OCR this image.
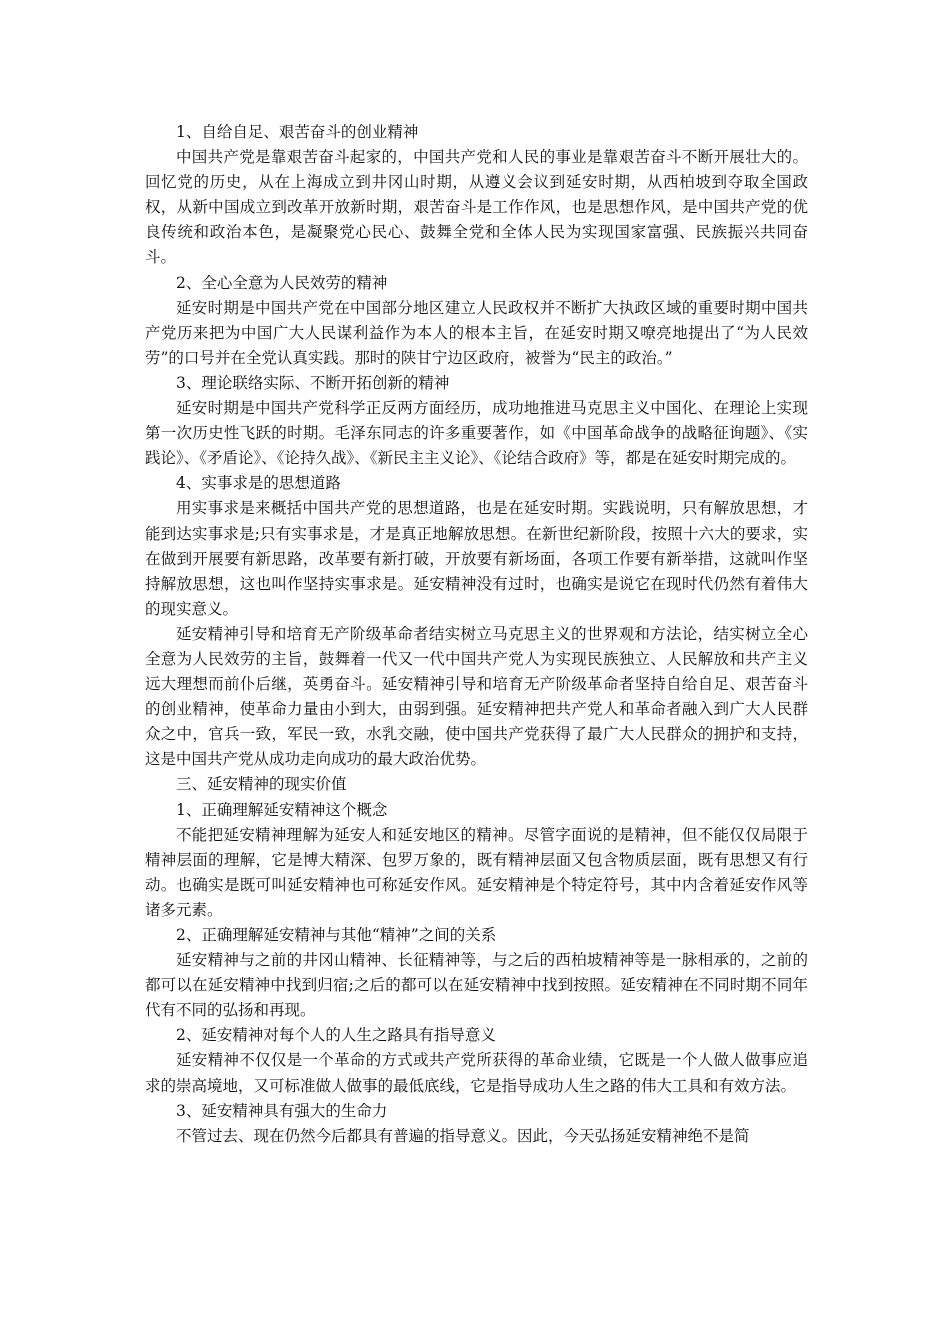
1、自给自足、艰苦奋斗的创业精神

中国共产党是靠艰苦奋斗起家的，中国共产党和人民的事业是靠艰苦奋斗不断开展壮大的。回忆党的历史，从在上海成立到井冈山时期，从遵义会议到延安时期，从西柏坡到夺取全国政权，从新中国成立到改革开放新时期，艰苦奋斗是工作作风，也是思想作风，是中国共产党的优良传统和政治本色，是凝聚党心民心、鼓舞全党和全体人民为实现国家富强、民族振兴共同奋斗。

2、全心全意为人民效劳的精神

延安时期是中国共产党在中国部分地区建立人民政权并不断扩大执政区域的重要时期中国共产党历来把为中国广大人民谋利益作为本人的根本主旨，在延安时期又嘹亮地提出了“为人民效劳”的口号并在全党认真实践。那时的陕甘宁边区政府，被誉为“民主的政治。”

3、理论联络实际、不断开拓创新的精神

延安时期是中国共产党科学正反两方面经历，成功地推进马克思主义中国化、在理论上实现第一次历史性飞跃的时期。毛泽东同志的许多重要著作，如《中国革命战争的战略征询题》、《实践论》、《矛盾论》、《论持久战》、《新民主主义论》、《论结合政府》等，都是在延安时期完成的。

4、实事求是的思想道路

用实事求是来概括中国共产党的思想道路，也是在延安时期。实践说明，只有解放思想，才能到达实事求是;只有实事求是，才是真正地解放思想。在新世纪新阶段，按照十六大的要求，实在做到开展要有新思路，改革要有新打破，开放要有新场面，各项工作要有新举措，这就叫作坚持解放思想，这也叫作坚持实事求是。延安精神没有过时，也确实是说它在现时代仍然有着伟大的现实意义。

延安精神引导和培育无产阶级革命者结实树立马克思主义的世界观和方法论，结实树立全心全意为人民效劳的主旨，鼓舞着一代又一代中国共产党人为实现民族独立、人民解放和共产主义远大理想而前仆后继，英勇奋斗。延安精神引导和培育无产阶级革命者坚持自给自足、艰苦奋斗的创业精神，使革命力量由小到大，由弱到强。延安精神把共产党人和革命者融入到广大人民群众之中，官兵一致，军民一致，水乳交融，使中国共产党获得了最广大人民群众的拥护和支持，这是中国共产党从成功走向成功的最大政治优势。

三、延安精神的现实价值

1、正确理解延安精神这个概念

不能把延安精神理解为延安人和延安地区的精神。尽管字面说的是精神，但不能仅仅局限于精神层面的理解，它是博大精深、包罗万象的，既有精神层面又包含物质层面，既有思想又有行动。也确实是既可叫延安精神也可称延安作风。延安精神是个特定符号，其中内含着延安作风等诸多元素。

2、正确理解延安精神与其他“精神”之间的关系

延安精神与之前的井冈山精神、长征精神等，与之后的西柏坡精神等是一脉相承的，之前的都可以在延安精神中找到归宿;之后的都可以在延安精神中找到按照。延安精神在不同时期不同年代有不同的弘扬和再现。

2、延安精神对每个人的人生之路具有指导意义

延安精神不仅仅是一个革命的方式或共产党所获得的革命业绩，它既是一个人做人做事应追求的崇高境地，又可标准做人做事的最低底线，它是指导成功人生之路的伟大工具和有效方法。

3、延安精神具有强大的生命力

不管过去、现在仍然今后都具有普遍的指导意义。因此，今天弘扬延安精神绝不是简
